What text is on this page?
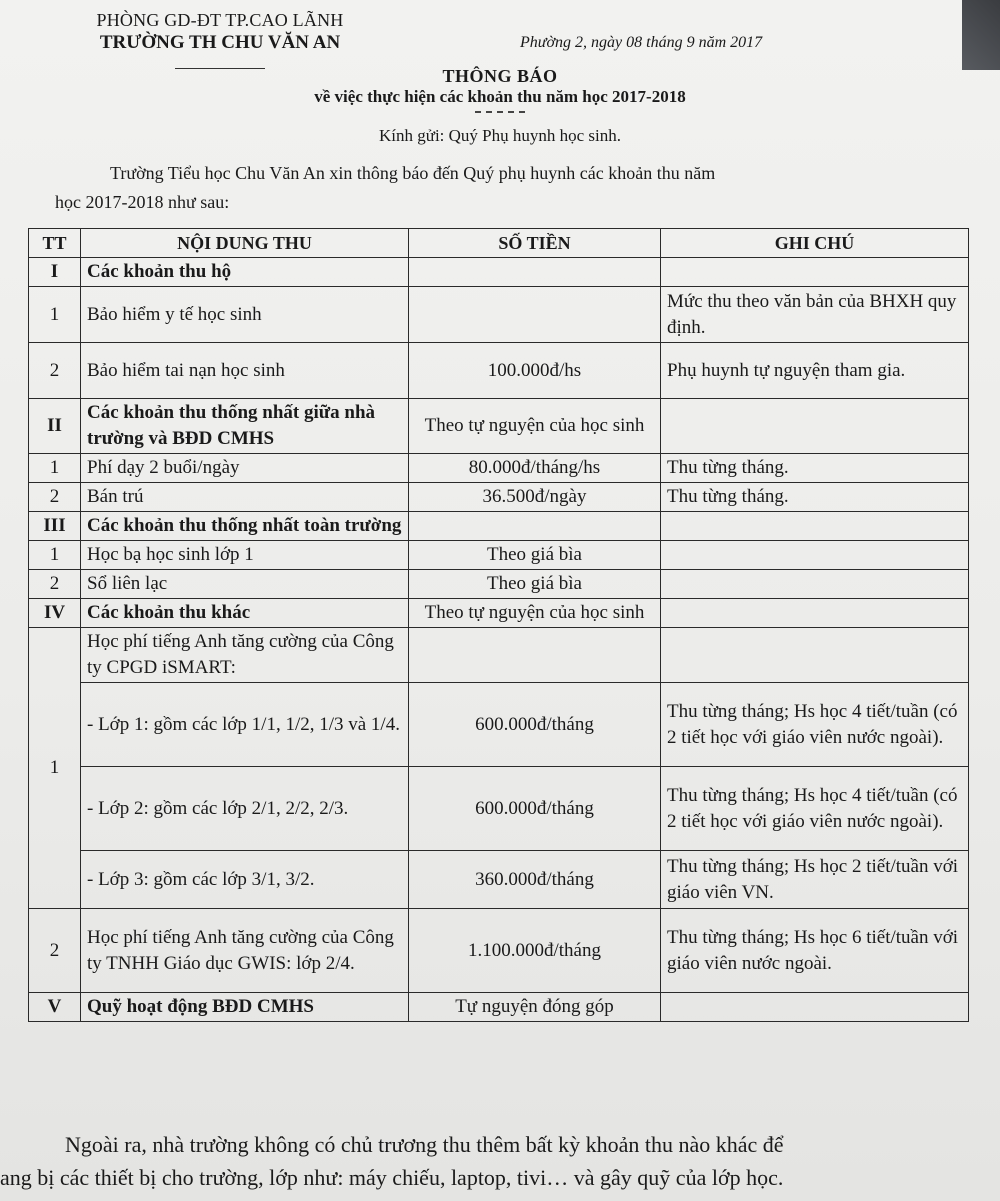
PHÒNG GD-ĐT TP.CAO LÃNH
TRƯỜNG TH CHU VĂN AN	Phường 2, ngày 08 tháng 9 năm 2017
THÔNG BÁO
về việc thực hiện các khoản thu năm học 2017-2018
Kính gửi: Quý Phụ huynh học sinh.
Trường Tiểu học Chu Văn An xin thông báo đến Quý phụ huynh các khoản thu năm
học 2017-2018 như sau:
TT	NỘI DUNG THU	SỐ TIỀN	GHI CHÚ
I	Các khoản thu hộ		
1	Bảo hiểm y tế học sinh		Mức thu theo văn bản của BHXH quy định.
2	Bảo hiểm tai nạn học sinh	100.000đ/hs	Phụ huynh tự nguyện tham gia.
II	Các khoản thu thống nhất giữa nhà trường và BĐD CMHS	Theo tự nguyện của học sinh	
1	Phí dạy 2 buổi/ngày	80.000đ/tháng/hs	Thu từng tháng.
2	Bán trú	36.500đ/ngày	Thu từng tháng.
III	Các khoản thu thống nhất toàn trường		
1	Học bạ học sinh lớp 1	Theo giá bìa	
2	Sổ liên lạc	Theo giá bìa	
IV	Các khoản thu khác	Theo tự nguyện của học sinh	
1	Học phí tiếng Anh tăng cường của Công ty CPGD iSMART:		
	- Lớp 1: gồm các lớp 1/1, 1/2, 1/3 và 1/4.	600.000đ/tháng	Thu từng tháng; Hs học 4 tiết/tuần (có 2 tiết học với giáo viên nước ngoài).
	- Lớp 2: gồm các lớp 2/1, 2/2, 2/3.	600.000đ/tháng	Thu từng tháng; Hs học 4 tiết/tuần (có 2 tiết học với giáo viên nước ngoài).
	- Lớp 3: gồm các lớp 3/1, 3/2.	360.000đ/tháng	Thu từng tháng; Hs học 2 tiết/tuần với giáo viên VN.
2	Học phí tiếng Anh tăng cường của Công ty TNHH Giáo dục GWIS: lớp 2/4.	1.100.000đ/tháng	Thu từng tháng; Hs học 6 tiết/tuần với giáo viên nước ngoài.
V	Quỹ hoạt động BĐD CMHS	Tự nguyện đóng góp	
Ngoài ra, nhà trường không có chủ trương thu thêm bất kỳ khoản thu nào khác để
ang bị các thiết bị cho trường, lớp như: máy chiếu, laptop, tivi… và gây quỹ của lớp học.
